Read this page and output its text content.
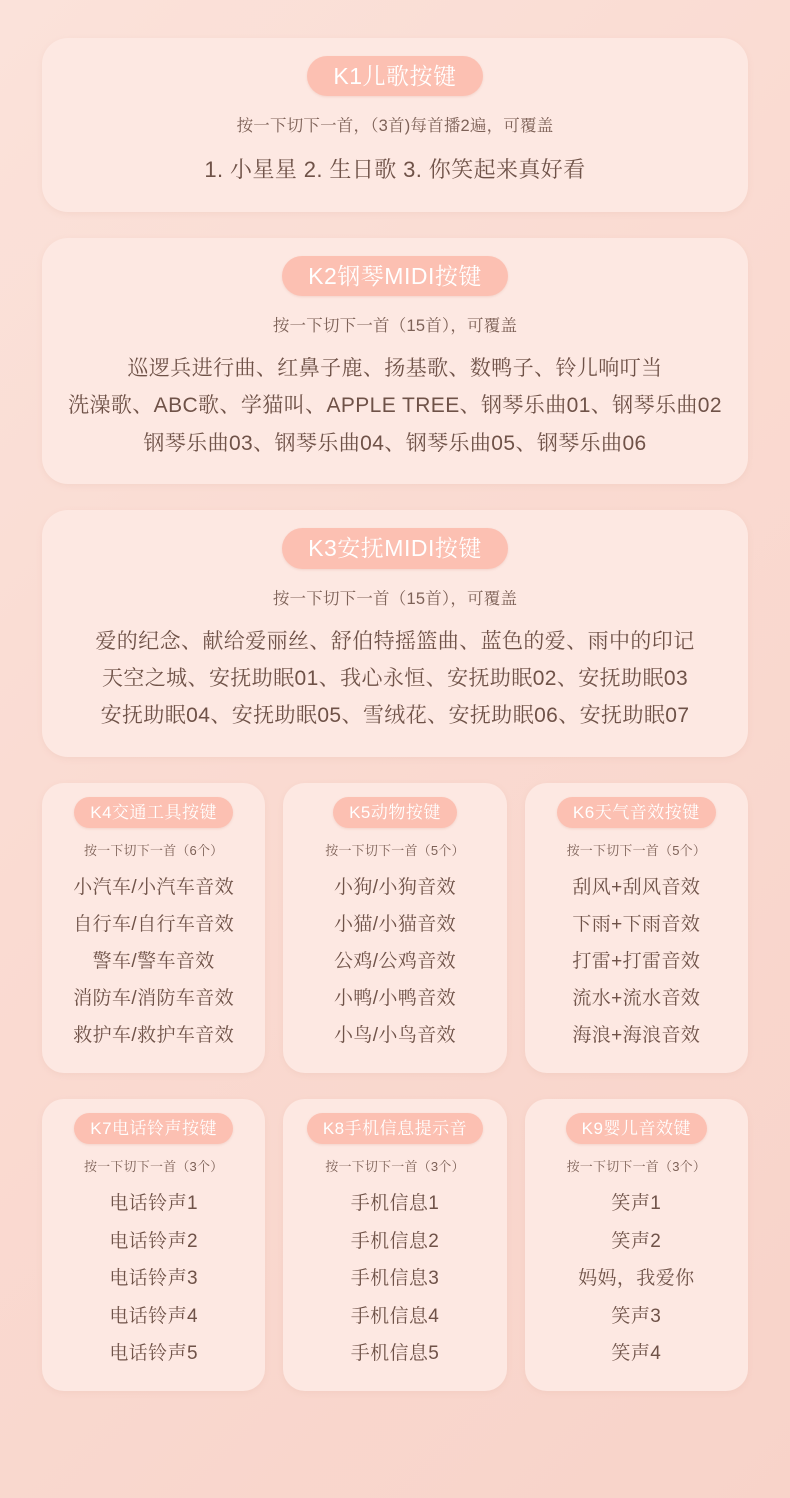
K1儿歌按键
按一下切下一首，（3首)每首播2遍，可覆盖
1. 小星星 2. 生日歌 3. 你笑起来真好看
K2钢琴MIDI按键
按一下切下一首（15首），可覆盖
巡逻兵进行曲、红鼻子鹿、扬基歌、数鸭子、铃儿响叮当
洗澡歌、ABC歌、学猫叫、APPLE TREE、钢琴乐曲01、钢琴乐曲02
钢琴乐曲03、钢琴乐曲04、钢琴乐曲05、钢琴乐曲06
K3安抚MIDI按键
按一下切下一首（15首），可覆盖
爱的纪念、献给爱丽丝、舒伯特摇篮曲、蓝色的爱、雨中的印记
天空之城、安抚助眠01、我心永恒、安抚助眠02、安抚助眠03
安抚助眠04、安抚助眠05、雪绒花、安抚助眠06、安抚助眠07
K4交通工具按键
按一下切下一首（6个）
小汽车/小汽车音效
自行车/自行车音效
警车/警车音效
消防车/消防车音效
救护车/救护车音效
K5动物按键
按一下切下一首（5个）
小狗/小狗音效
小猫/小猫音效
公鸡/公鸡音效
小鸭/小鸭音效
小鸟/小鸟音效
K6天气音效按键
按一下切下一首（5个）
刮风+刮风音效
下雨+下雨音效
打雷+打雷音效
流水+流水音效
海浪+海浪音效
K7电话铃声按键
按一下切下一首（3个）
电话铃声1
电话铃声2
电话铃声3
电话铃声4
电话铃声5
K8手机信息提示音
按一下切下一首（3个）
手机信息1
手机信息2
手机信息3
手机信息4
手机信息5
K9婴儿音效键
按一下切下一首（3个）
笑声1
笑声2
妈妈，我爱你
笑声3
笑声4
